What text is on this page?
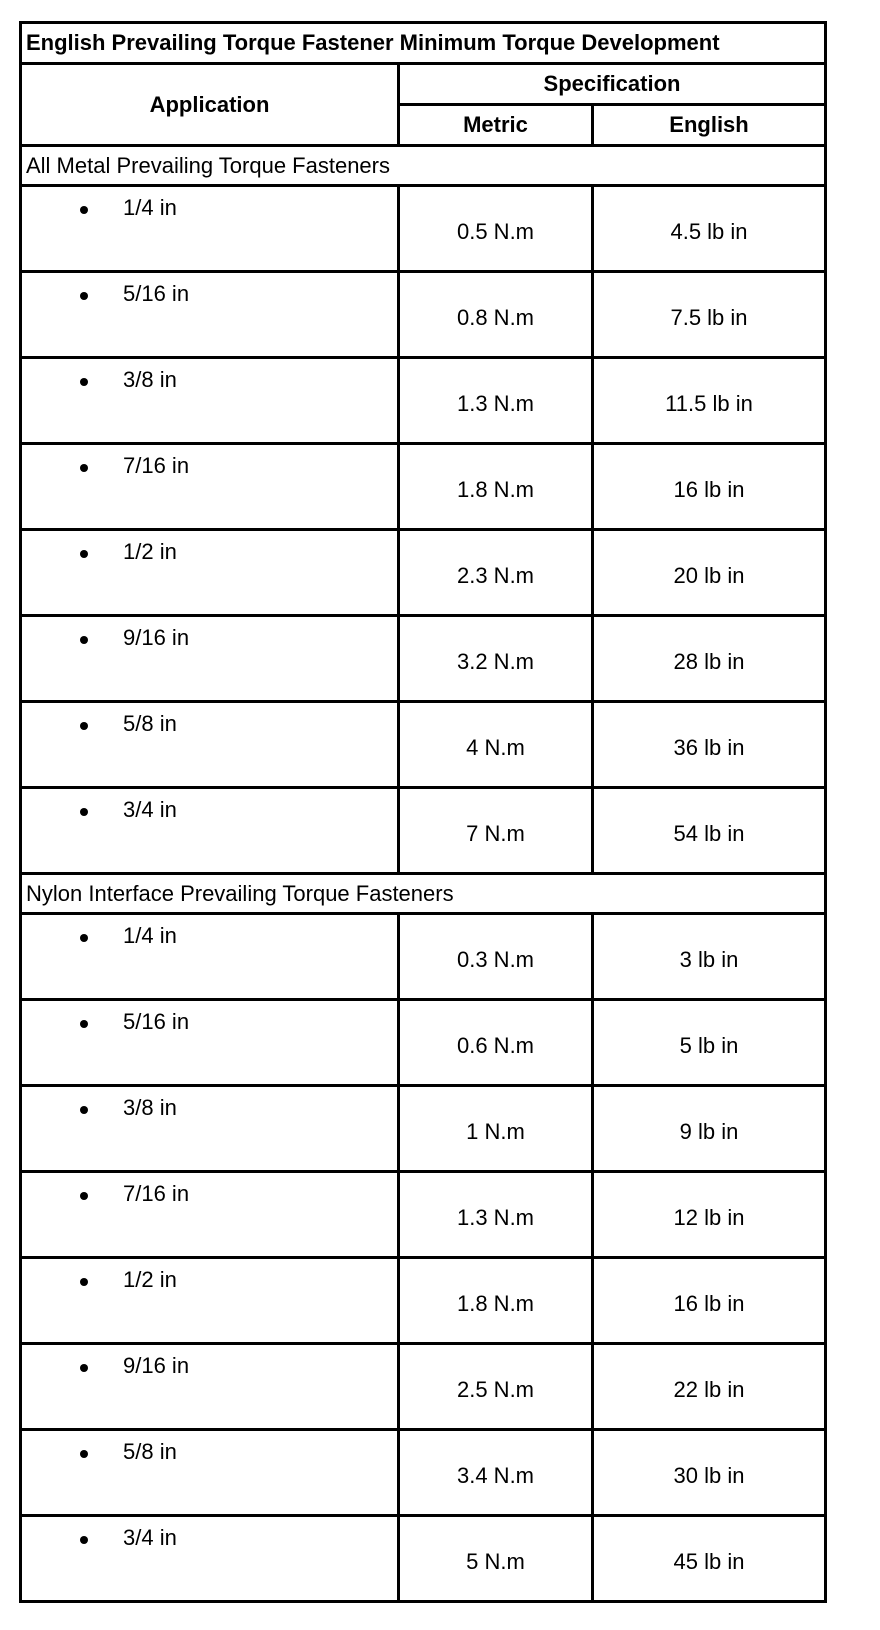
English Prevailing Torque Fastener Minimum Torque Development		
Application	Specification	
	Metric	English
All Metal Prevailing Torque Fasteners		

1/4 in	0.5 N.m	4.5 lb in

5/16 in	0.8 N.m	7.5 lb in

3/8 in	1.3 N.m	11.5 lb in

7/16 in	1.8 N.m	16 lb in

1/2 in	2.3 N.m	20 lb in

9/16 in	3.2 N.m	28 lb in

5/8 in	4 N.m	36 lb in

3/4 in	7 N.m	54 lb in
Nylon Interface Prevailing Torque Fasteners		

1/4 in	0.3 N.m	3 lb in

5/16 in	0.6 N.m	5 lb in

3/8 in	1 N.m	9 lb in

7/16 in	1.3 N.m	12 lb in

1/2 in	1.8 N.m	16 lb in

9/16 in	2.5 N.m	22 lb in

5/8 in	3.4 N.m	30 lb in

3/4 in	5 N.m	45 lb in
